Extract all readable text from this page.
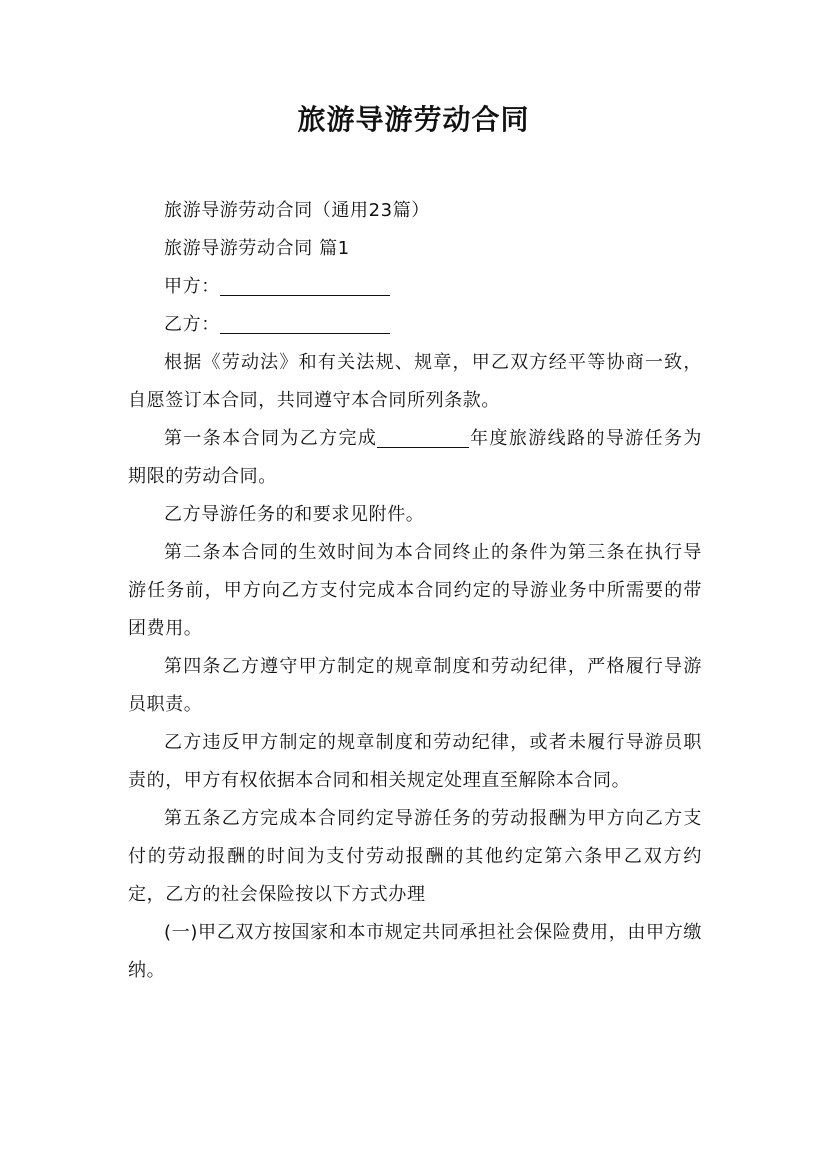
旅游导游劳动合同

旅游导游劳动合同（通用23篇）

旅游导游劳动合同 篇1

甲方：

乙方：

根据《劳动法》和有关法规、规章，甲乙双方经平等协商一致，自愿签订本合同，共同遵守本合同所列条款。

第一条本合同为乙方完成	年度旅游线路的导游任务为期限的劳动合同。

乙方导游任务的和要求见附件。

第二条本合同的生效时间为本合同终止的条件为第三条在执行导游任务前，甲方向乙方支付完成本合同约定的导游业务中所需要的带团费用。

第四条乙方遵守甲方制定的规章制度和劳动纪律，严格履行导游员职责。

乙方违反甲方制定的规章制度和劳动纪律，或者未履行导游员职责的，甲方有权依据本合同和相关规定处理直至解除本合同。

第五条乙方完成本合同约定导游任务的劳动报酬为甲方向乙方支付的劳动报酬的时间为支付劳动报酬的其他约定第六条甲乙双方约定，乙方的社会保险按以下方式办理

(一)甲乙双方按国家和本市规定共同承担社会保险费用，由甲方缴纳。
